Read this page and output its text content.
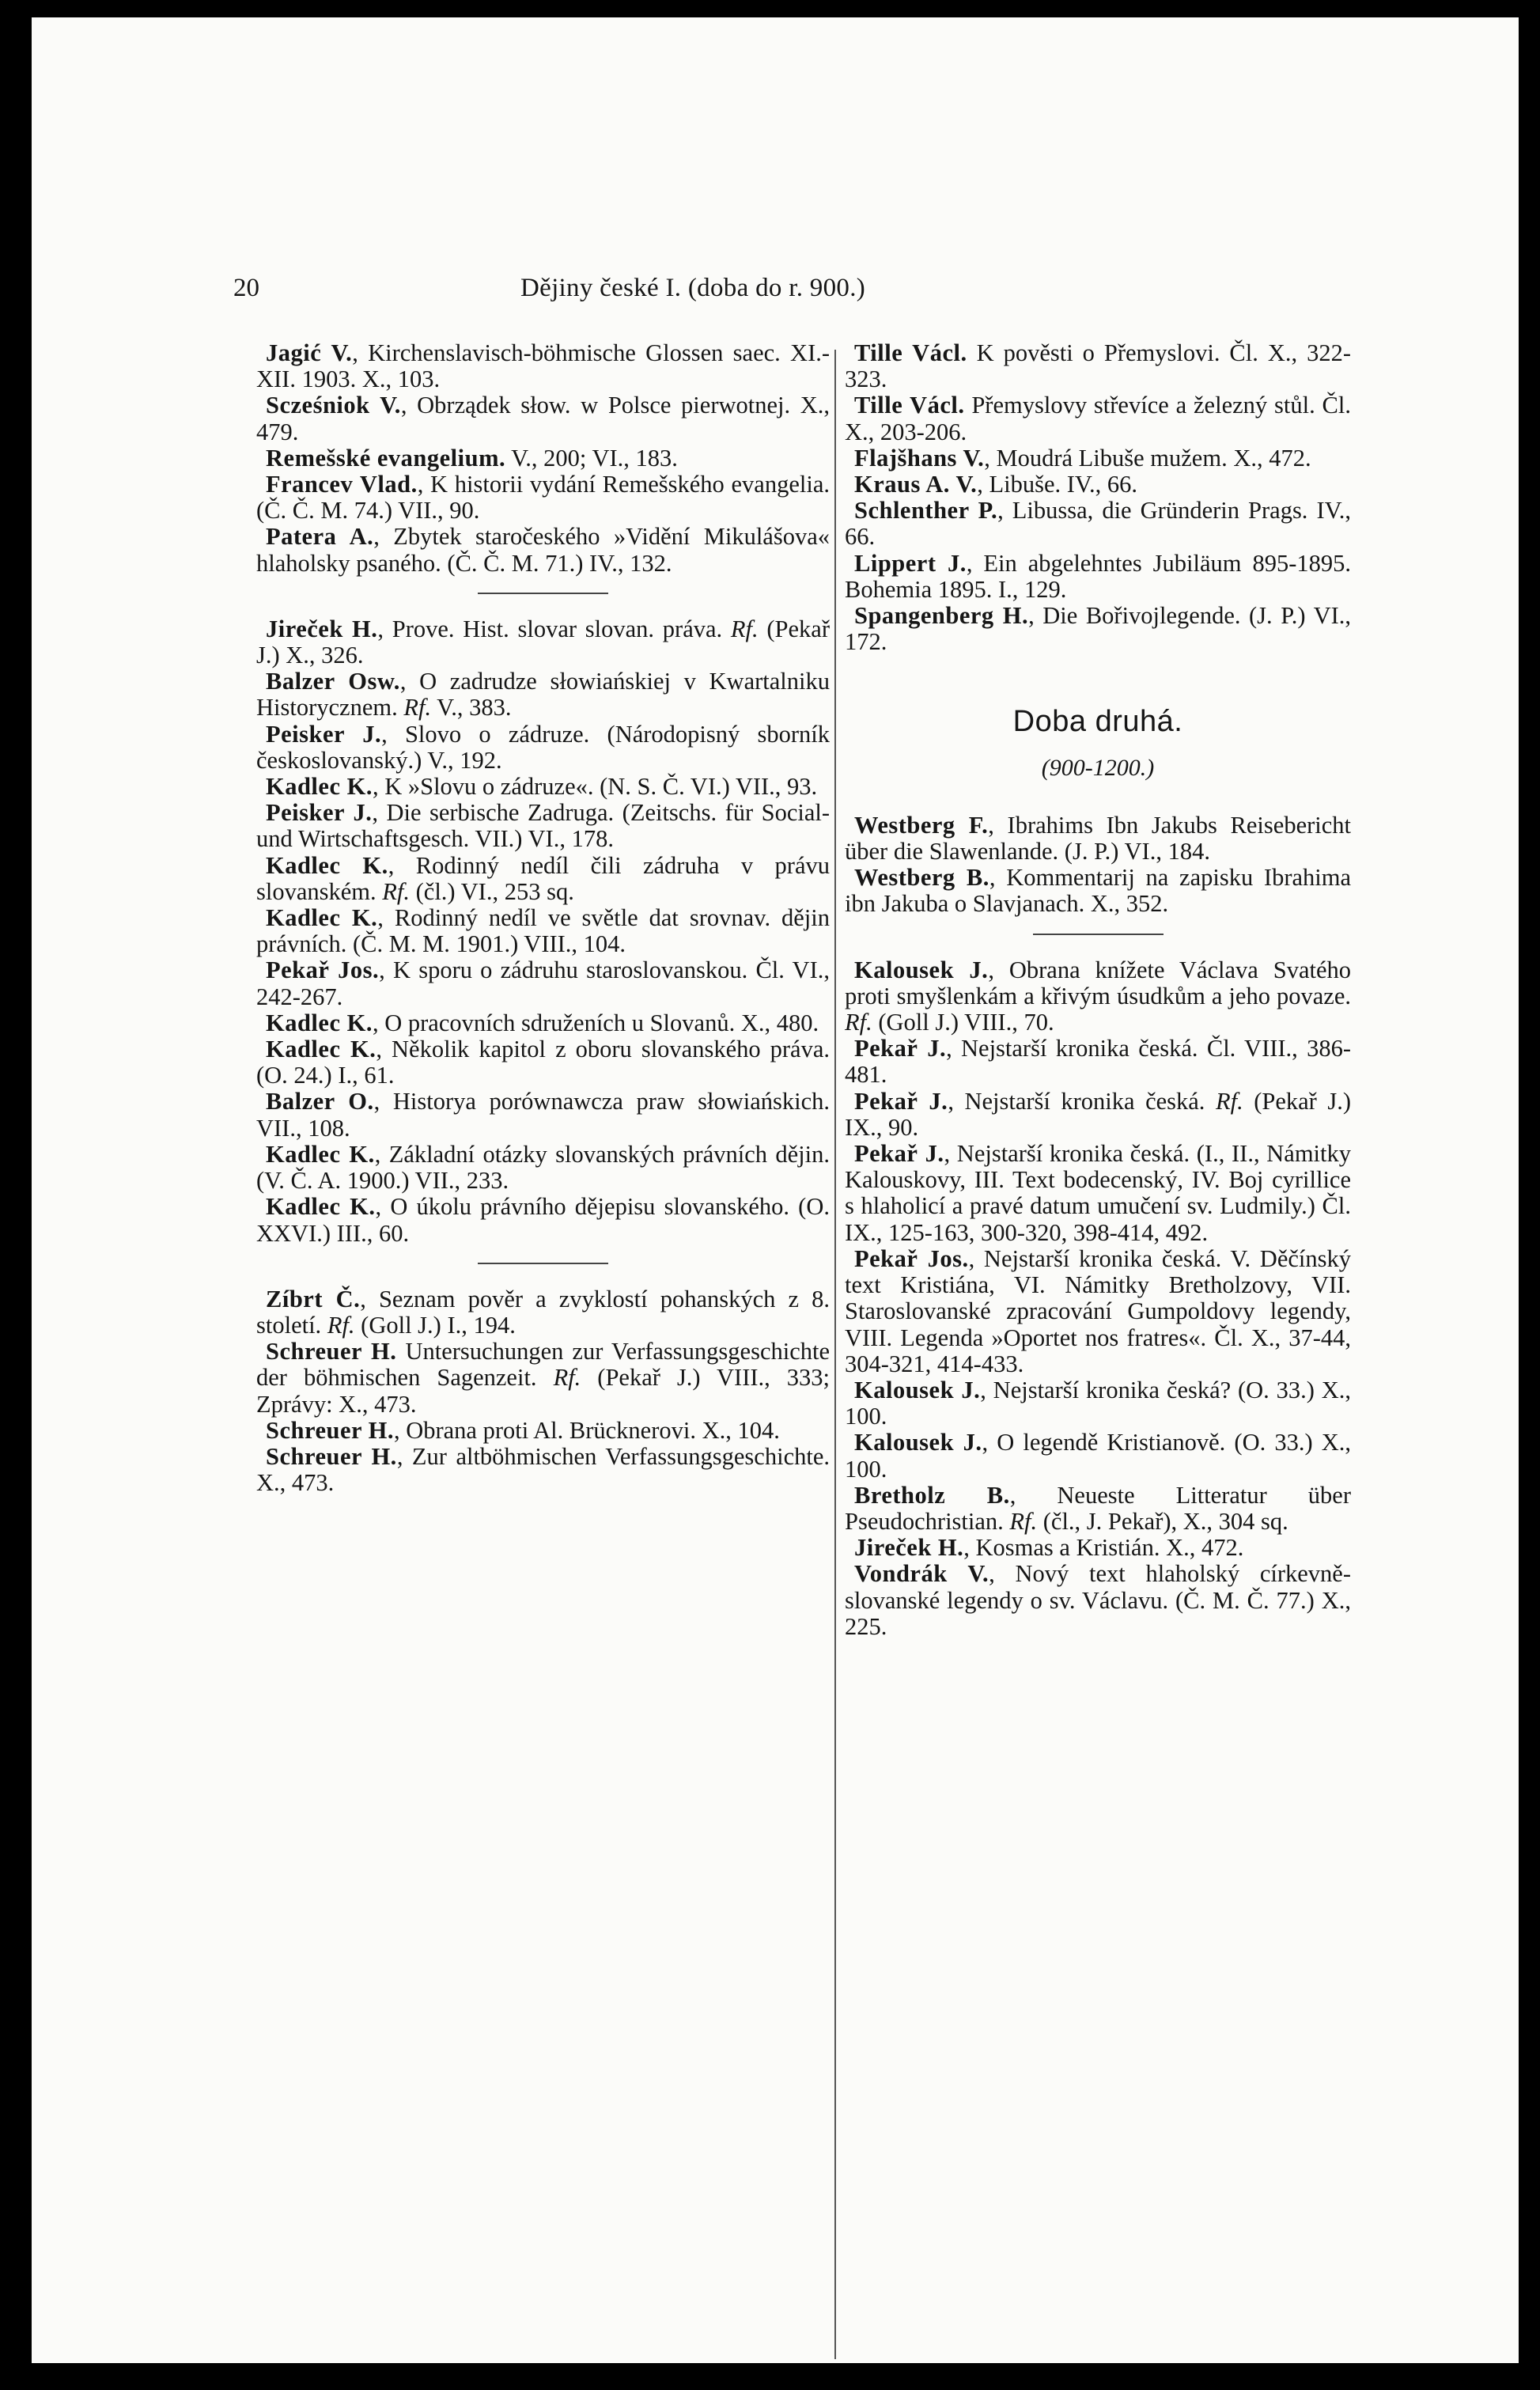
20	Dějiny české I. (doba do r. 900.)

Jagić V., Kirchenslavisch-böhmische Glossen saec. XI.-XII. 1903. X., 103.

Scześniok V., Obrządek słow. w Polsce pierwotnej. X., 479.

Remešské evangelium. V., 200; VI., 183.

Francev Vlad., K historii vydání Remešského evangelia. (Č. Č. M. 74.) VII., 90.

Patera A., Zbytek staročeského »Vidění Mikulášova« hlaholsky psaného. (Č. Č. M. 71.) IV., 132.

Jireček H., Prove. Hist. slovar slovan. práva. Rf. (Pekař J.) X., 326.

Balzer Osw., O zadrudze słowiańskiej v Kwartalniku Historycznem. Rf. V., 383.

Peisker J., Slovo o zádruze. (Národopisný sborník českoslovanský.) V., 192.

Kadlec K., K »Slovu o zádruze«. (N. S. Č. VI.) VII., 93.

Peisker J., Die serbische Zadruga. (Zeitschs. für Social- und Wirtschaftsgesch. VII.) VI., 178.

Kadlec K., Rodinný nedíl čili zádruha v právu slovanském. Rf. (čl.) VI., 253 sq.

Kadlec K., Rodinný nedíl ve světle dat srovnav. dějin právních. (Č. M. M. 1901.) VIII., 104.

Pekař Jos., K sporu o zádruhu staroslovanskou. Čl. VI., 242-267.

Kadlec K., O pracovních sdruženích u Slovanů. X., 480.

Kadlec K., Několik kapitol z oboru slovanského práva. (O. 24.) I., 61.

Balzer O., Historya porównawcza praw słowiańskich. VII., 108.

Kadlec K., Základní otázky slovanských právních dějin. (V. Č. A. 1900.) VII., 233.

Kadlec K., O úkolu právního dějepisu slovanského. (O. XXVI.) III., 60.

Zíbrt Č., Seznam pověr a zvyklostí pohanských z 8. století. Rf. (Goll J.) I., 194.

Schreuer H. Untersuchungen zur Verfassungsgeschichte der böhmischen Sagenzeit. Rf. (Pekař J.) VIII., 333; Zprávy: X., 473.

Schreuer H., Obrana proti Al. Brücknerovi. X., 104.

Schreuer H., Zur altböhmischen Verfassungsgeschichte. X., 473.

Tille Václ. K pověsti o Přemyslovi. Čl. X., 322-323.

Tille Václ. Přemyslovy střevíce a železný stůl. Čl. X., 203-206.

Flajšhans V., Moudrá Libuše mužem. X., 472.

Kraus A. V., Libuše. IV., 66.

Schlenther P., Libussa, die Gründerin Prags. IV., 66.

Lippert J., Ein abgelehntes Jubiläum 895-1895. Bohemia 1895. I., 129.

Spangenberg H., Die Bořivojlegende. (J. P.) VI., 172.

Doba druhá.
(900-1200.)

Westberg F., Ibrahims Ibn Jakubs Reisebericht über die Slawenlande. (J. P.) VI., 184.

Westberg B., Kommentarij na zapisku Ibrahima ibn Jakuba o Slavjanach. X., 352.

Kalousek J., Obrana knížete Václava Svatého proti smyšlenkám a křivým úsudkům a jeho povaze. Rf. (Goll J.) VIII., 70.

Pekař J., Nejstarší kronika česká. Čl. VIII., 386-481.

Pekař J., Nejstarší kronika česká. Rf. (Pekař J.) IX., 90.

Pekař J., Nejstarší kronika česká. (I., II., Námitky Kalouskovy, III. Text bodecenský, IV. Boj cyrillice s hlaholicí a pravé datum umučení sv. Ludmily.) Čl. IX., 125-163, 300-320, 398-414, 492.

Pekař Jos., Nejstarší kronika česká. V. Děčínský text Kristiána, VI. Námitky Bretholzovy, VII. Staroslovanské zpracování Gumpoldovy legendy, VIII. Legenda »Oportet nos fratres«. Čl. X., 37-44, 304-321, 414-433.

Kalousek J., Nejstarší kronika česká? (O. 33.) X., 100.

Kalousek J., O legendě Kristianově. (O. 33.) X., 100.

Bretholz B., Neueste Litteratur über Pseudochristian. Rf. (čl., J. Pekař), X., 304 sq.

Jireček H., Kosmas a Kristián. X., 472.

Vondrák V., Nový text hlaholský církevně-slovanské legendy o sv. Václavu. (Č. M. Č. 77.) X., 225.
